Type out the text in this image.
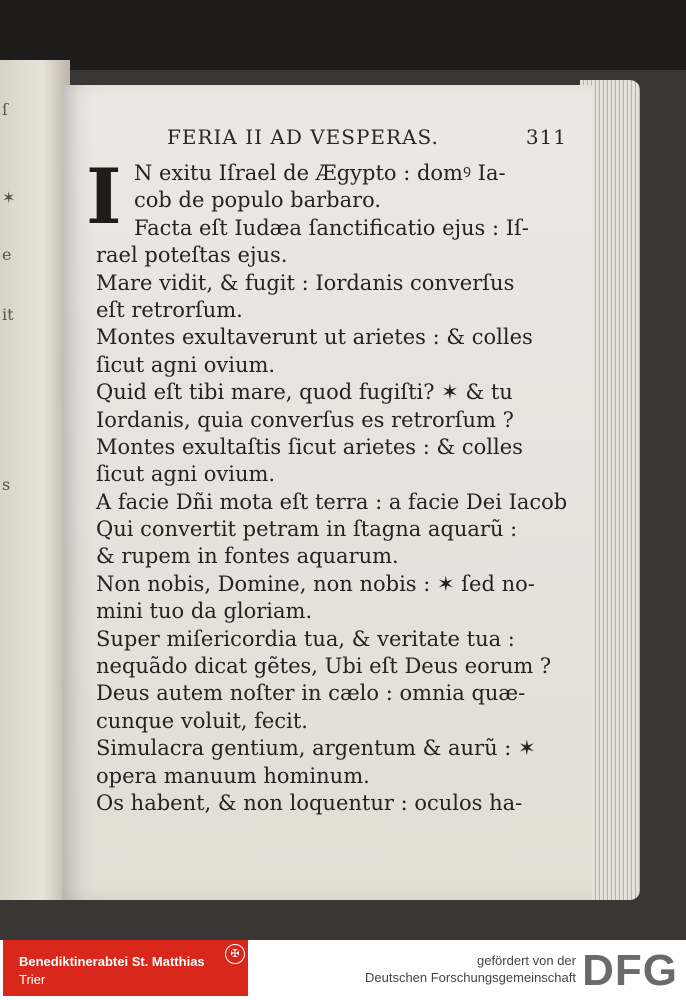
ſ
✶
e
it
s
FERIA II AD VESPERAS.	311
I N exitu Iſrael de Ægypto : domꝰ Ia-
cob de populo barbaro.
Facta eſt Iudæa ſanctificatio ejus : Iſ-
rael poteſtas ejus.
Mare vidit, & fugit : Iordanis converſus
eſt retrorſum.
Montes exultaverunt ut arietes : & colles
ſicut agni ovium.
Quid eſt tibi mare, quod fugiſti? ✶ & tu
Iordanis, quia converſus es retrorſum ?
Montes exultaſtis ſicut arietes : & colles
ſicut agni ovium.
A facie Dñi mota eſt terra : a facie Dei Iacob
Qui convertit petram in ſtagna aquarũ :
& rupem in fontes aquarum.
Non nobis, Domine, non nobis : ✶ ſed no-
mini tuo da gloriam.
Super miſericordia tua, & veritate tua :
nequãdo dicat gẽtes, Ubi eſt Deus eorum ?
Deus autem noſter in cælo : omnia quæ-
cunque voluit, fecit.
Simulacra gentium, argentum & aurũ : ✶
opera manuum hominum.
Os habent, & non loquentur : oculos ha-
Benediktinerabtei St. Matthias
Trier
✠	gefördert von der
Deutschen Forschungsgemeinschaft DFG
